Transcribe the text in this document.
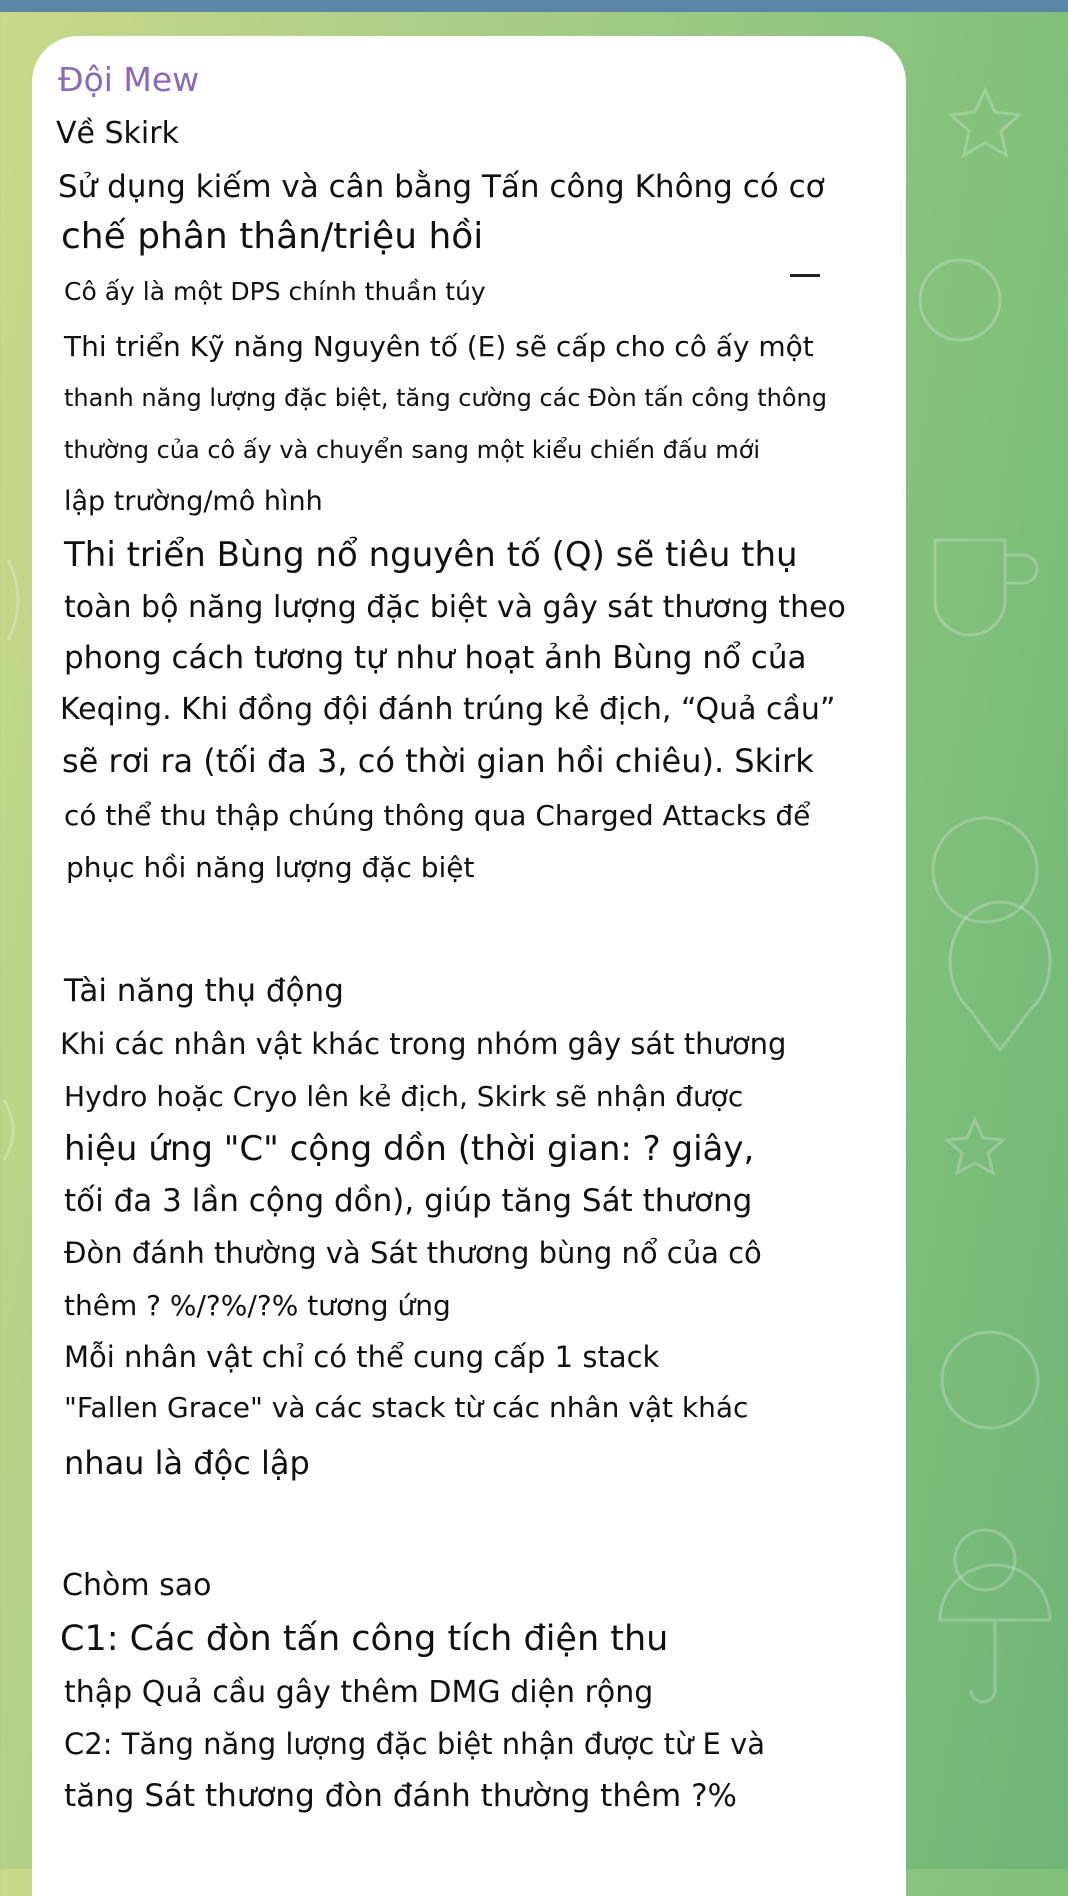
Đội Mew
Về Skirk
Sử dụng kiếm và cân bằng Tấn công Không có cơ
chế phân thân/triệu hồi
Cô ấy là một DPS chính thuần túy
Thi triển Kỹ năng Nguyên tố (E) sẽ cấp cho cô ấy một
thanh năng lượng đặc biệt, tăng cường các Đòn tấn công thông
thường của cô ấy và chuyển sang một kiểu chiến đấu mới
lập trường/mô hình
Thi triển Bùng nổ nguyên tố (Q) sẽ tiêu thụ
toàn bộ năng lượng đặc biệt và gây sát thương theo
phong cách tương tự như hoạt ảnh Bùng nổ của
Keqing. Khi đồng đội đánh trúng kẻ địch, “Quả cầu”
sẽ rơi ra (tối đa 3, có thời gian hồi chiêu). Skirk
có thể thu thập chúng thông qua Charged Attacks để
phục hồi năng lượng đặc biệt
Tài năng thụ động
Khi các nhân vật khác trong nhóm gây sát thương
Hydro hoặc Cryo lên kẻ địch, Skirk sẽ nhận được
hiệu ứng "C" cộng dồn (thời gian: ? giây,
tối đa 3 lần cộng dồn), giúp tăng Sát thương
Đòn đánh thường và Sát thương bùng nổ của cô
thêm ? %/?%/?% tương ứng
Mỗi nhân vật chỉ có thể cung cấp 1 stack
"Fallen Grace" và các stack từ các nhân vật khác
nhau là độc lập
Chòm sao
C1: Các đòn tấn công tích điện thu
thập Quả cầu gây thêm DMG diện rộng
C2: Tăng năng lượng đặc biệt nhận được từ E và
tăng Sát thương đòn đánh thường thêm ?%
